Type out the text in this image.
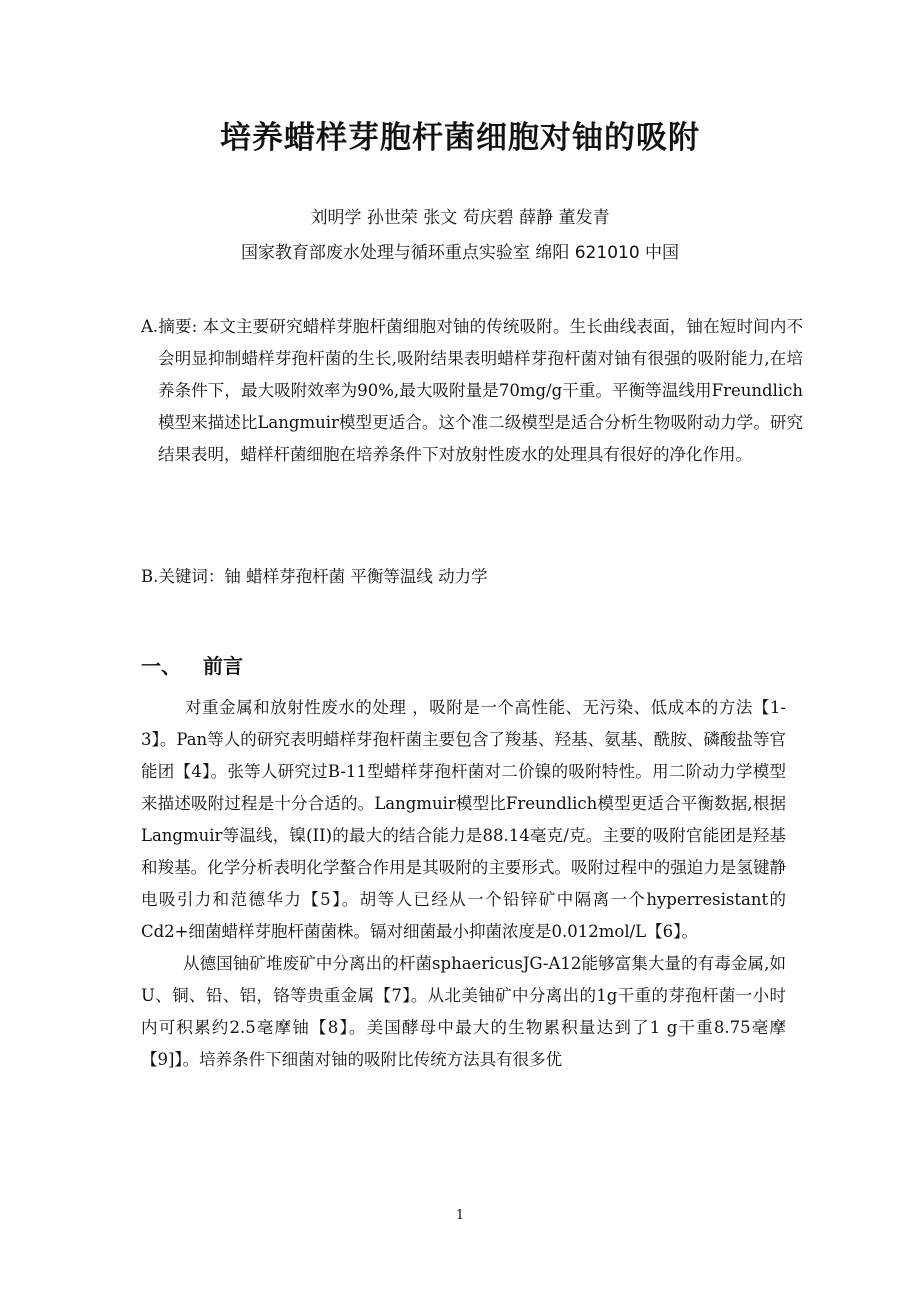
培养蜡样芽胞杆菌细胞对铀的吸附
刘明学 孙世荣 张文 苟庆碧 薛静 董发青
国家教育部废水处理与循环重点实验室 绵阳 621010 中国
A.摘要: 本文主要研究蜡样芽胞杆菌细胞对铀的传统吸附。生长曲线表面，铀在短时间内不会明显抑制蜡样芽孢杆菌的生长,吸附结果表明蜡样芽孢杆菌对铀有很强的吸附能力,在培养条件下，最大吸附效率为90%,最大吸附量是70mg/g干重。平衡等温线用Freundlich模型来描述比Langmuir模型更适合。这个准二级模型是适合分析生物吸附动力学。研究结果表明，蜡样杆菌细胞在培养条件下对放射性废水的处理具有很好的净化作用。
B.关键词：铀 蜡样芽孢杆菌 平衡等温线 动力学
一、 前言

对重金属和放射性废水的处理 ，吸附是一个高性能、无污染、低成本的方法【1-3】。Pan等人的研究表明蜡样芽孢杆菌主要包含了羧基、羟基、氨基、酰胺、磷酸盐等官能团【4】。张等人研究过B-11型蜡样芽孢杆菌对二价镍的吸附特性。用二阶动力学模型来描述吸附过程是十分合适的。Langmuir模型比Freundlich模型更适合平衡数据,根据Langmuir等温线，镍(II)的最大的结合能力是88.14毫克/克。主要的吸附官能团是羟基和羧基。化学分析表明化学螯合作用是其吸附的主要形式。吸附过程中的强迫力是氢键静电吸引力和范德华力【5】。胡等人已经从一个铅锌矿中隔离一个hyperresistant的Cd2+细菌蜡样芽胞杆菌菌株。镉对细菌最小抑菌浓度是0.012mol/L【6】。

从德国铀矿堆废矿中分离出的杆菌sphaericusJG-A12能够富集大量的有毒金属,如U、铜、铅、铝，铬等贵重金属【7】。从北美铀矿中分离出的1g干重的芽孢杆菌一小时内可积累约2.5毫摩铀【8】。美国酵母中最大的生物累积量达到了1 g干重8.75毫摩【9]】。培养条件下细菌对铀的吸附比传统方法具有很多优

1
